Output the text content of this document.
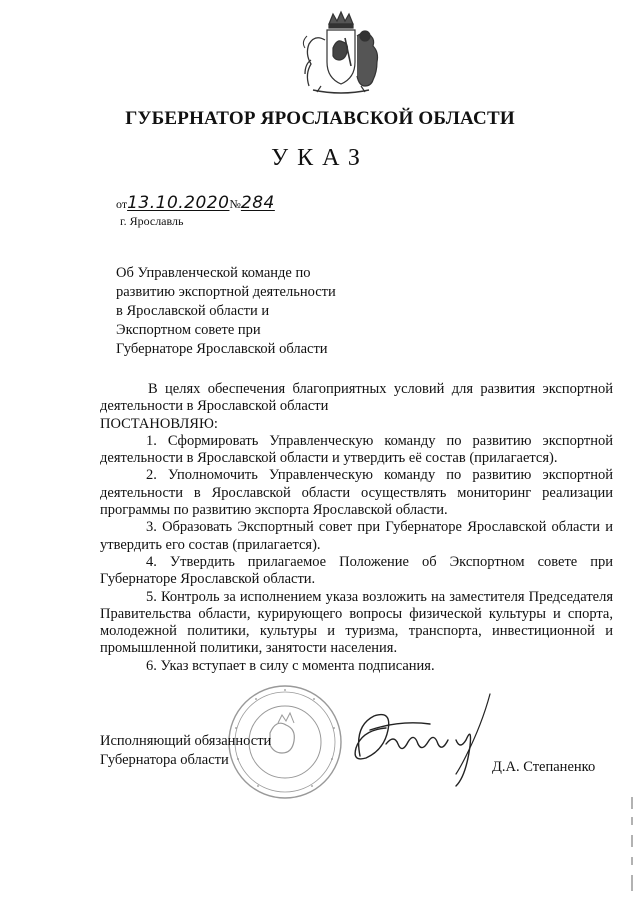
ГУБЕРНАТОР ЯРОСЛАВСКОЙ ОБЛАСТИ
УКАЗ
от13.10.2020№284
г. Ярославль
Об Управленческой команде по
развитию экспортной деятельности
в Ярославской области и
Экспортном совете при
Губернаторе Ярославской области

В целях обеспечения благоприятных условий для развития экспортной деятельности в Ярославской области

ПОСТАНОВЛЯЮ:

1. Сформировать Управленческую команду по развитию экспортной деятельности в Ярославской области и утвердить её состав (прилагается).

2. Уполномочить Управленческую команду по развитию экспортной деятельности в Ярославской области осуществлять мониторинг реализации программы по развитию экспорта Ярославской области.

3. Образовать Экспортный совет при Губернаторе Ярославской области и утвердить его состав (прилагается).

4. Утвердить прилагаемое Положение об Экспортном совете при Губернаторе Ярославской области.

5. Контроль за исполнением указа возложить на заместителя Председателя Правительства области, курирующего вопросы физической культуры и спорта, молодежной политики, культуры и туризма, транспорта, инвестиционной и промышленной политики, занятости населения.

6. Указ вступает в силу с момента подписания.

Исполняющий обязанности
Губернатора области	Д.А. Степаненко
